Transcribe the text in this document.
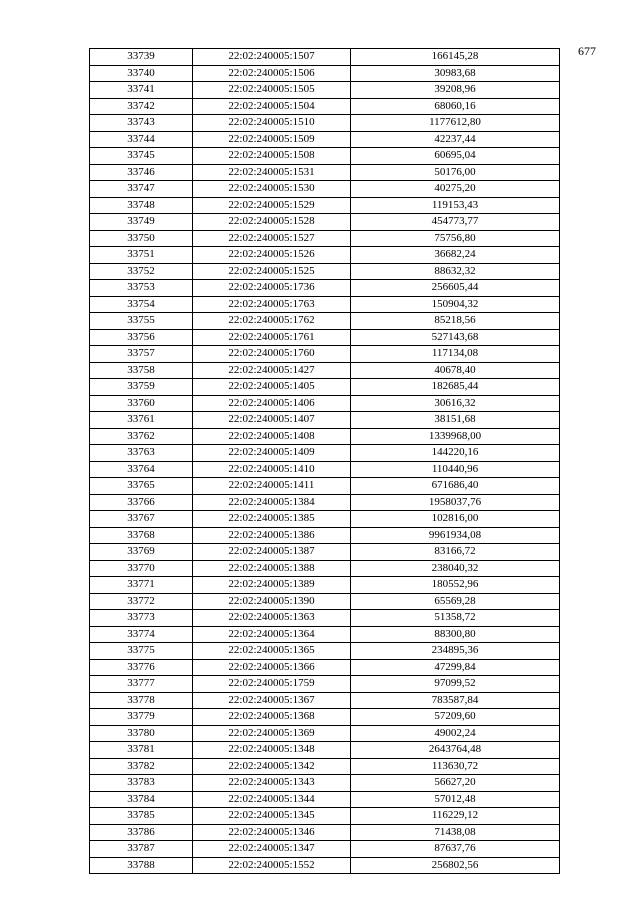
677
33739	22:02:240005:1507	166145,28
33740	22:02:240005:1506	30983,68
33741	22:02:240005:1505	39208,96
33742	22:02:240005:1504	68060,16
33743	22:02:240005:1510	1177612,80
33744	22:02:240005:1509	42237,44
33745	22:02:240005:1508	60695,04
33746	22:02:240005:1531	50176,00
33747	22:02:240005:1530	40275,20
33748	22:02:240005:1529	119153,43
33749	22:02:240005:1528	454773,77
33750	22:02:240005:1527	75756,80
33751	22:02:240005:1526	36682,24
33752	22:02:240005:1525	88632,32
33753	22:02:240005:1736	256605,44
33754	22:02:240005:1763	150904,32
33755	22:02:240005:1762	85218,56
33756	22:02:240005:1761	527143,68
33757	22:02:240005:1760	117134,08
33758	22:02:240005:1427	40678,40
33759	22:02:240005:1405	182685,44
33760	22:02:240005:1406	30616,32
33761	22:02:240005:1407	38151,68
33762	22:02:240005:1408	1339968,00
33763	22:02:240005:1409	144220,16
33764	22:02:240005:1410	110440,96
33765	22:02:240005:1411	671686,40
33766	22:02:240005:1384	1958037,76
33767	22:02:240005:1385	102816,00
33768	22:02:240005:1386	9961934,08
33769	22:02:240005:1387	83166,72
33770	22:02:240005:1388	238040,32
33771	22:02:240005:1389	180552,96
33772	22:02:240005:1390	65569,28
33773	22:02:240005:1363	51358,72
33774	22:02:240005:1364	88300,80
33775	22:02:240005:1365	234895,36
33776	22:02:240005:1366	47299,84
33777	22:02:240005:1759	97099,52
33778	22:02:240005:1367	783587,84
33779	22:02:240005:1368	57209,60
33780	22:02:240005:1369	49002,24
33781	22:02:240005:1348	2643764,48
33782	22:02:240005:1342	113630,72
33783	22:02:240005:1343	56627,20
33784	22:02:240005:1344	57012,48
33785	22:02:240005:1345	116229,12
33786	22:02:240005:1346	71438,08
33787	22:02:240005:1347	87637,76
33788	22:02:240005:1552	256802,56
